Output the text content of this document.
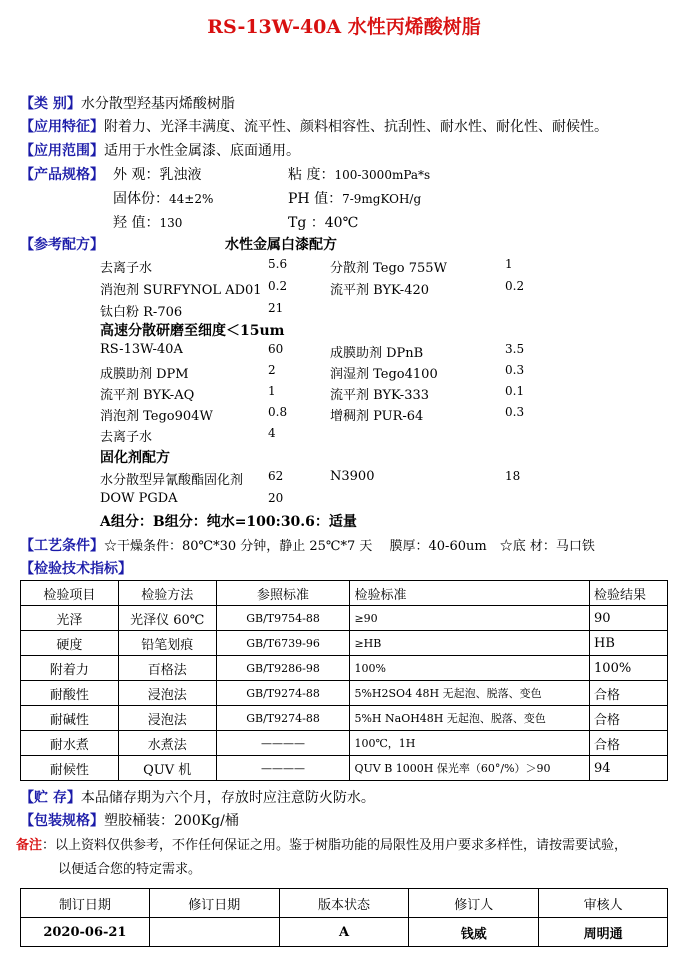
RS-13W-40A 水性丙烯酸树脂
【类 别】水分散型羟基丙烯酸树脂
【应用特征】附着力、光泽丰满度、流平性、颜料相容性、抗刮性、耐水性、耐化性、耐候性。
【应用范围】适用于水性金属漆、底面通用。
【产品规格】 外 观：乳浊液	粘 度：100-3000mPa*s
固体份：44±2%	PH 值：7-9mgKOH/g
羟 值：130	Tg ：40℃
【参考配方】	水性金属白漆配方
去离子水	5.6	分散剂 Tego 755W	1
消泡剂 SURFYNOL AD01 0.2	流平剂 BYK-420	0.2
钛白粉 R-706	21
高速分散研磨至细度＜15um
RS-13W-40A	60	成膜助剂 DPnB	3.5
成膜助剂 DPM	2	润湿剂 Tego4100	0.3
流平剂 BYK-AQ	1	流平剂 BYK-333	0.1
消泡剂 Tego904W	0.8	增稠剂 PUR-64	0.3
去离子水	4
固化剂配方
水分散型异氰酸酯固化剂 62	N3900	18
DOW PGDA	20
A组分：B组分：纯水=100:30.6：适量
【工艺条件】☆干燥条件：80℃*30 分钟，静止 25℃*7 天　 膜厚：40-60um　☆底 材：马口铁
【检验技术指标】
检验项目	检验方法	参照标准	检验标准	检验结果
光泽	光泽仪 60℃	GB/T9754-88	≥90	90
硬度	铅笔划痕	GB/T6739-96	≥HB	HB
附着力	百格法	GB/T9286-98	100%	100%
耐酸性	浸泡法	GB/T9274-88	5%H2SO4 48H 无起泡、脱落、变色	合格
耐碱性	浸泡法	GB/T9274-88	5%H NaOH48H 无起泡、脱落、变色	合格
耐水煮	水煮法	————	100℃，1H	合格
耐候性	QUV 机	————	QUV B 1000H 保光率（60°/%）＞90	94
【贮 存】本品储存期为六个月，存放时应注意防火防水。
【包装规格】塑胶桶装：200Kg/桶
备注：以上资料仅供参考，不作任何保证之用。鉴于树脂功能的局限性及用户要求多样性，请按需要试验，
以便适合您的特定需求。
制订日期	修订日期	版本状态	修订人	审核人
2020-06-21		A	钱威	周明通
